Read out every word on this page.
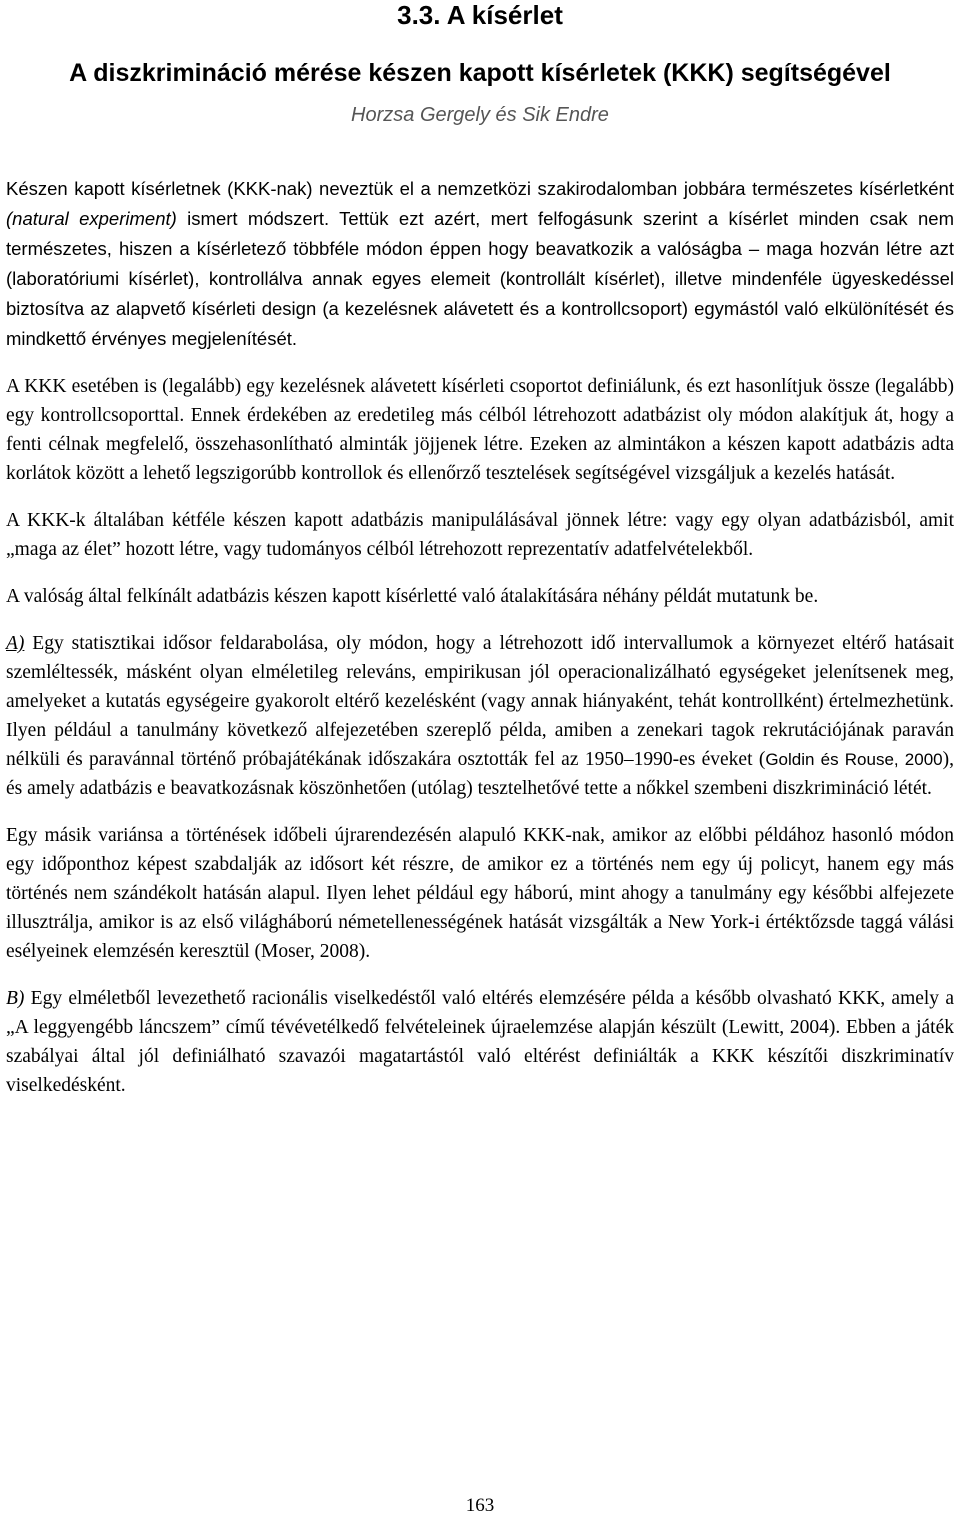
3.3. A kísérlet
A diszkrimináció mérése készen kapott kísérletek (KKK) segítségével
Horzsa Gergely és Sik Endre

Készen kapott kísérletnek (KKK-nak) neveztük el a nemzetközi szakirodalomban jobbára természetes kísérletként (natural experiment) ismert módszert. Tettük ezt azért, mert felfogásunk szerint a kísérlet minden csak nem természetes, hiszen a kísérletező többféle módon éppen hogy beavatkozik a valóságba – maga hozván létre azt (laboratóriumi kísérlet), kontrollálva annak egyes elemeit (kontrollált kísérlet), illetve mindenféle ügyeskedéssel biztosítva az alapvető kísérleti design (a kezelésnek alávetett és a kontrollcsoport) egymástól való elkülönítését és mindkettő érvényes megjelenítését.

A KKK esetében is (legalább) egy kezelésnek alávetett kísérleti csoportot definiálunk, és ezt hasonlítjuk össze (legalább) egy kontrollcsoporttal. Ennek érdekében az eredetileg más célból létrehozott adatbázist oly módon alakítjuk át, hogy a fenti célnak megfelelő, összehasonlítható alminták jöjjenek létre. Ezeken az almintákon a készen kapott adatbázis adta korlátok között a lehető legszigorúbb kontrollok és ellenőrző tesztelések segítségével vizsgáljuk a kezelés hatását.

A KKK-k általában kétféle készen kapott adatbázis manipulálásával jönnek létre: vagy egy olyan adatbázisból, amit „maga az élet” hozott létre, vagy tudományos célból létrehozott reprezentatív adatfelvételekből.

A valóság által felkínált adatbázis készen kapott kísérletté való átalakítására néhány példát mutatunk be.

A) Egy statisztikai idősor feldarabolása, oly módon, hogy a létrehozott idő intervallumok a környezet eltérő hatásait szemléltessék, másként olyan elméletileg releváns, empirikusan jól operacionalizálható egységeket jelenítsenek meg, amelyeket a kutatás egységeire gyakorolt eltérő kezelésként (vagy annak hiányaként, tehát kontrollként) értelmezhetünk. Ilyen például a tanulmány következő alfejezetében szereplő példa, amiben a zenekari tagok rekrutációjának paraván nélküli és paravánnal történő próbajátékának időszakára osztották fel az 1950–1990-es éveket (Goldin és Rouse, 2000), és amely adatbázis e beavatkozásnak köszönhetően (utólag) tesztelhetővé tette a nőkkel szembeni diszkrimináció létét.

Egy másik variánsa a történések időbeli újrarendezésén alapuló KKK-nak, amikor az előbbi példához hasonló módon egy időponthoz képest szabdalják az idősort két részre, de amikor ez a történés nem egy új policyt, hanem egy más történés nem szándékolt hatásán alapul. Ilyen lehet például egy háború, mint ahogy a tanulmány egy későbbi alfejezete illusztrálja, amikor is az első világháború németellenességének hatását vizsgálták a New York-i értéktőzsde taggá válási esélyeinek elemzésén keresztül (Moser, 2008).

B) Egy elméletből levezethető racionális viselkedéstől való eltérés elemzésére példa a később olvasható KKK, amely a „A leggyengébb láncszem” című tévévetélkedő felvételeinek újraelemzése alapján készült (Lewitt, 2004). Ebben a játék szabályai által jól definiálható szavazói magatartástól való eltérést definiálták a KKK készítői diszkriminatív viselkedésként.

163
